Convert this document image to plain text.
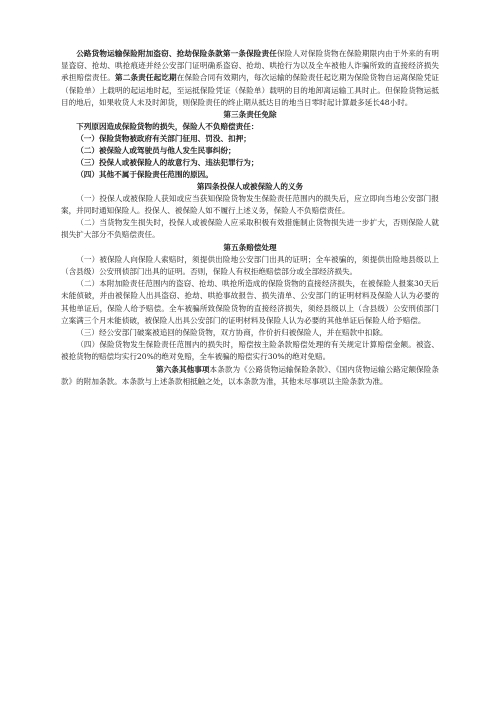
公路货物运输保险附加盗窃、抢劫保险条款第一条保险责任保险人对保险货物在保险期限内由于外来的有明显盗窃、抢劫、哄抢痕迹并经公安部门证明确系盗窃、抢劫、哄抢行为以及全车被他人诈骗所致的直接经济损失承担赔偿责任。第二条责任起讫期在保险合同有效期内，每次运输的保险责任起讫期为保险货物自运离保险凭证（保险单）上载明的起运地时起，至运抵保险凭证（保险单）载明的目的地卸离运输工具时止。但保险货物运抵目的地后，如果收货人未及时卸货，则保险责任的终止期从抵达目的地当日零时起计算最多延长48小时。

第三条责任免除

下列原因造成保险货物的损失，保险人不负赔偿责任：

（一）保险货物被政府有关部门征用、罚没、扣押；

（二）被保险人或驾驶员与他人发生民事纠纷；

（三）投保人或被保险人的故意行为、违法犯罪行为；

（四）其他不属于保险责任范围的原因。

第四条投保人或被保险人的义务

（一）投保人或被保险人获知或应当获知保险货物发生保险责任范围内的损失后，应立即向当地公安部门报案，并同时通知保险人。投保人、被保险人如不履行上述义务，保险人不负赔偿责任。

（二）当货物发生损失时，投保人或被保险人应采取积极有效措施制止货物损失进一步扩大，否则保险人就损失扩大部分不负赔偿责任。

第五条赔偿处理

（一）被保险人向保险人索赔时，须提供出险地公安部门出具的证明；全车被骗的，须提供出险地县级以上（含县级）公安刑侦部门出具的证明。否则，保险人有权拒绝赔偿部分或全部经济损失。

（二）本附加险责任范围内的盗窃、抢劫、哄抢所造成的保险货物的直接经济损失，在被保险人报案30天后未能侦破，并由被保险人出具盗窃、抢劫、哄抢事故报告、损失清单、公安部门的证明材料及保险人认为必要的其他单证后，保险人给予赔偿。全车被骗所致保险货物的直接经济损失，须经县级以上（含县级）公安刑侦部门立案满三个月未能侦破，被保险人出具公安部门的证明材料及保险人认为必要的其他单证后保险人给予赔偿。

（三）经公安部门破案被追回的保险货物，双方协商，作价折归被保险人，并在赔款中扣除。

（四）保险货物发生保险责任范围内的损失时，赔偿按主险条款赔偿处理的有关规定计算赔偿金额。被盗、被抢货物的赔偿均实行20%的绝对免赔，全车被骗的赔偿实行30%的绝对免赔。

第六条其他事项本条款为《公路货物运输保险条款》、《国内货物运输公路定额保险条款》的附加条款。本条款与上述条款相抵触之处，以本条款为准，其他未尽事项以主险条款为准。
